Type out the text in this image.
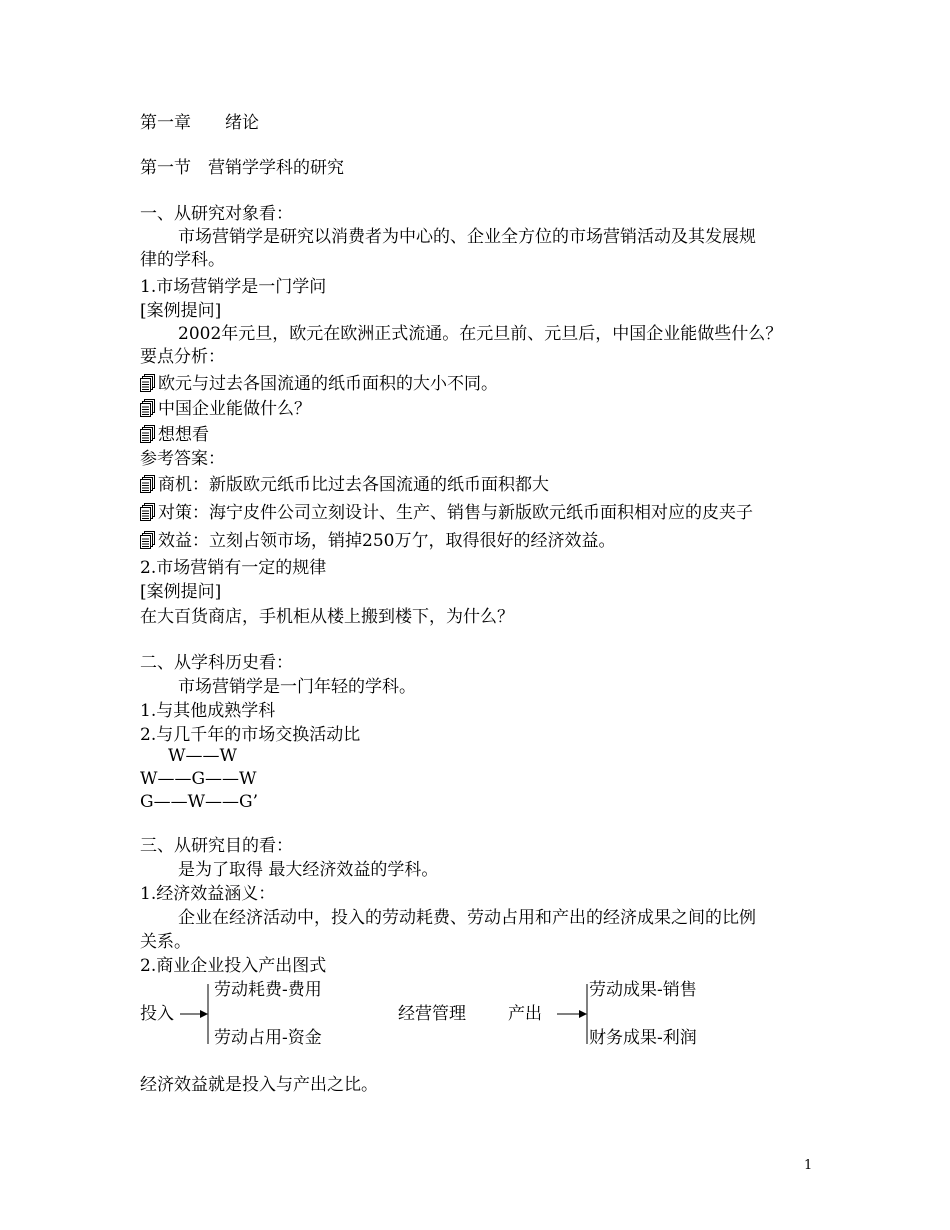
第一章　　绪论
第一节　营销学学科的研究
一、从研究对象看：
市场营销学是研究以消费者为中心的、企业全方位的市场营销活动及其发展规
律的学科。
1.市场营销学是一门学问
[案例提问]
2002年元旦，欧元在欧洲正式流通。在元旦前、元旦后，中国企业能做些什么？
要点分析：
欧元与过去各国流通的纸币面积的大小不同。
中国企业能做什么？
想想看
参考答案：
商机：新版欧元纸币比过去各国流通的纸币面积都大
对策：海宁皮件公司立刻设计、生产、销售与新版欧元纸币面积相对应的皮夹子
效益：立刻占领市场，销掉250万亇，取得很好的经济效益。
2.市场营销有一定的规律
[案例提问]
在大百货商店，手机柜从楼上搬到楼下，为什么？
二、从学科历史看：
市场营销学是一门年轻的学科。
1.与其他成熟学科
2.与几千年的市场交换活动比
W——W
W——G——W
G——W——G’
三、从研究目的看：
是为了取得 最大经济效益的学科。
1.经济效益涵义：
企业在经济活动中，投入的劳动耗费、劳动占用和产出的经济成果之间的比例
关系。
2.商业企业投入产出图式
投入
劳动耗费-费用
劳动占用-资金
经营管理 产出
劳动成果-销售
财务成果-利润
经济效益就是投入与产出之比。
1
